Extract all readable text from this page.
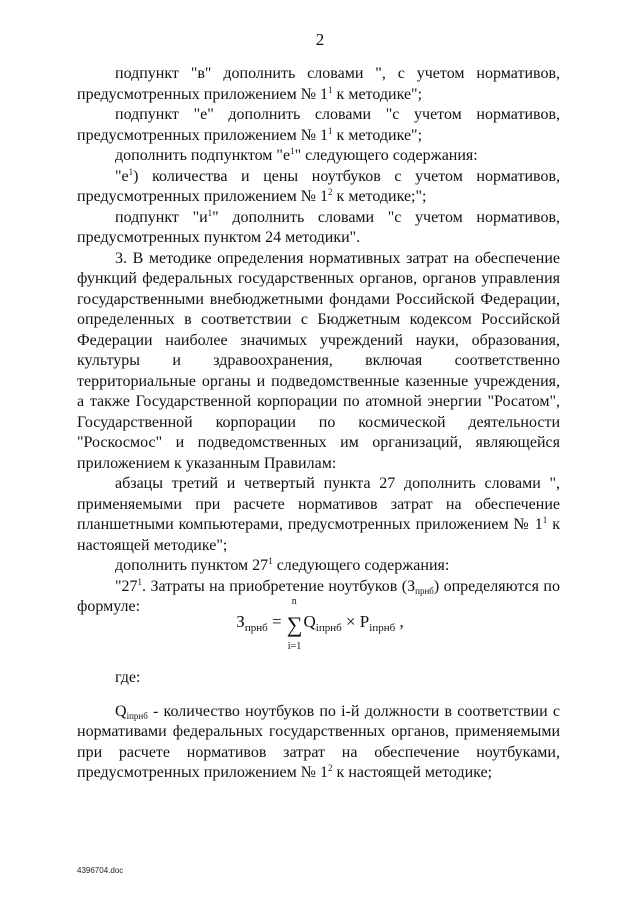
2

подпункт "в" дополнить словами ", с учетом нормативов,

предусмотренных приложением № $1^1$ к методике";

подпункт "е" дополнить словами "с учетом нормативов,

предусмотренных приложением № $1^1$ к методике";

дополнить подпунктом "$е^1$" следующего содержания:

"$е^1$) количества и цены ноутбуков с учетом нормативов,

предусмотренных приложением № $1^2$ к методике;";

подпункт "$и^1$" дополнить словами "с учетом нормативов,

предусмотренных пунктом 24 методики".

3. В методике определения нормативных затрат на обеспечение функций федеральных государственных органов, органов управления государственными внебюджетными фондами Российской Федерации, определенных в соответствии с Бюджетным кодексом Российской Федерации наиболее значимых учреждений науки, образования, культуры и здравоохранения, включая соответственно территориальные органы и подведомственные казенные учреждения, а также Государственной корпорации по атомной энергии "Росатом", Государственной корпорации по космической деятельности "Роскосмос" и подведомственных им организаций, являющейся приложением к указанным Правилам:

абзацы третий и четвертый пункта 27 дополнить словами ", применяемыми при расчете нормативов затрат на обеспечение планшетными компьютерами, предусмотренных приложением № $1^1$ к настоящей методике";

дополнить пунктом $27^1$ следующего содержания:

"$27^1$. Затраты на приобретение ноутбуков $(З_{прнб})$ определяются по формуле:

$З_{прнб}$ =
n
∑
i=1
$Q_{iпрнб} \times P_{iпрнб}$ ,

где:

$Q_{iпрнб}$ - количество ноутбуков по i-й должности в соответствии с нормативами федеральных государственных органов, применяемыми при расчете нормативов затрат на обеспечение ноутбуками, предусмотренных приложением № $1^2$ к настоящей методике;

4396704.doc
